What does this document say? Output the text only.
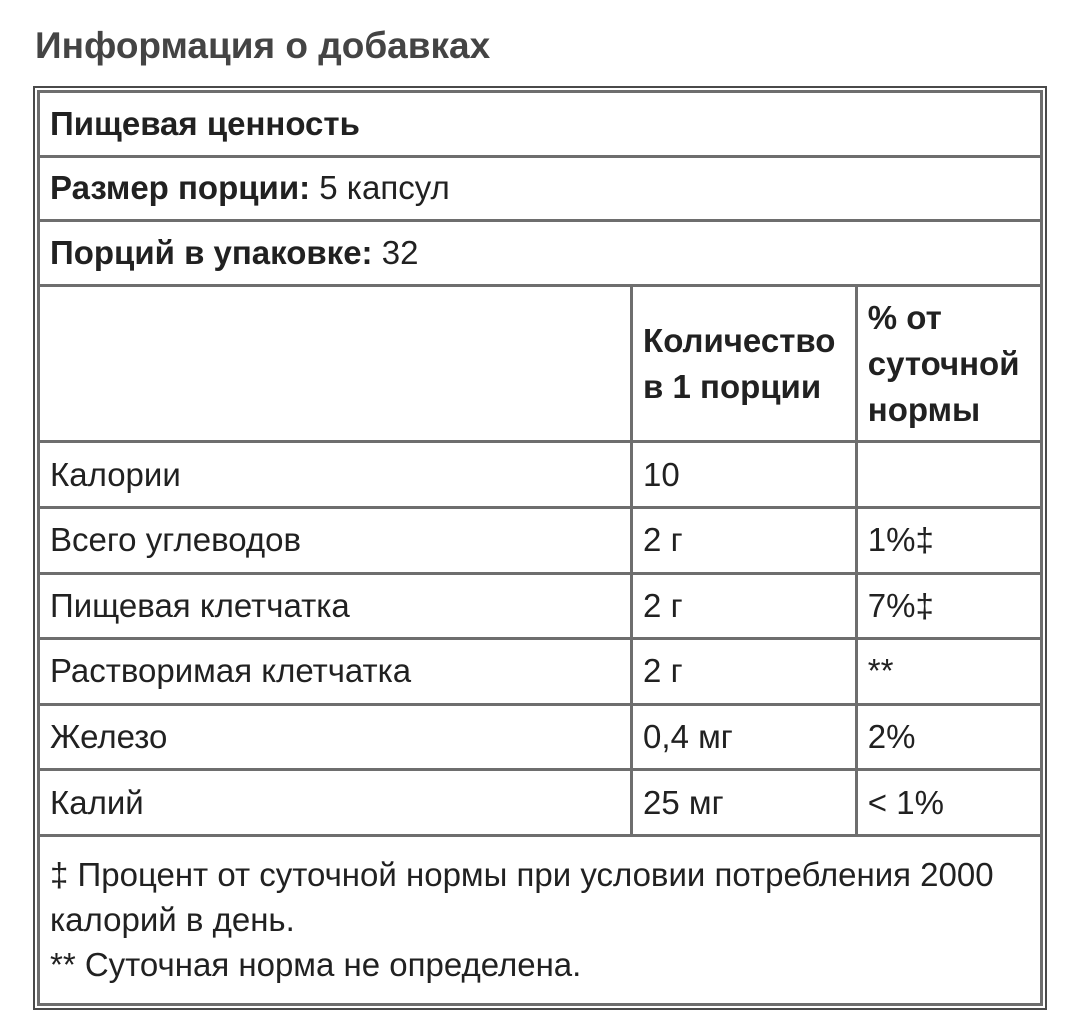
Информация о добавках
Пищевая ценность		
Размер порции: 5 капсул		
Порций в упаковке: 32		
	Количество в 1 порции	% от суточной нормы
Калории	10	
Всего углеводов	2 г	1%‡
Пищевая клетчатка	2 г	7%‡
Растворимая клетчатка	2 г	**
Железо	0,4 мг	2%
Калий	25 мг	< 1%

‡ Процент от суточной нормы при условии потребления 2000 калорий в день.
** Суточная норма не определена.		
